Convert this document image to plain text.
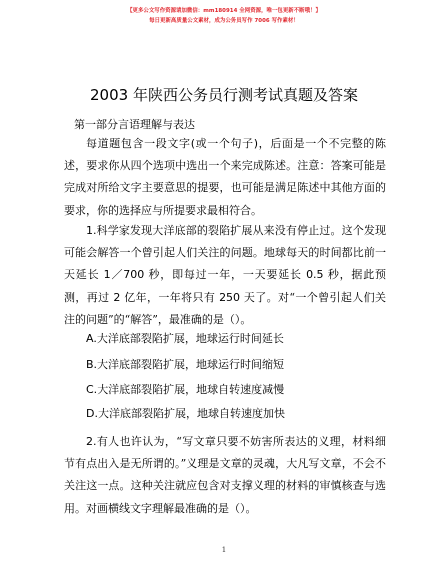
【更多公文写作资源请加微信：mm180914 全网资源，唯一包更新不断哦！】
每日更新高质量公文素材，成为公务员写作 7006 写作素材！
2003 年陕西公务员行测考试真题及答案
第一部分言语理解与表达
每道题包含一段文字(或一个句子)，后面是一个不完整的陈述，要求你从四个选项中选出一个来完成陈述。注意：答案可能是完成对所给文字主要意思的提要，也可能是满足陈述中其他方面的要求，你的选择应与所提要求最相符合。
1.科学家发现大洋底部的裂陷扩展从来没有停止过。这个发现可能会解答一个曾引起人们关注的问题。地球每天的时间都比前一天延长 1／700 秒，即每过一年，一天要延长 0.5 秒，据此预测，再过 2 亿年，一年将只有 250 天了。对“一个曾引起人们关注的问题”的“解答”，最准确的是（）。
A.大洋底部裂陷扩展，地球运行时间延长
B.大洋底部裂陷扩展，地球运行时间缩短
C.大洋底部裂陷扩展，地球自转速度减慢
D.大洋底部裂陷扩展，地球自转速度加快
2.有人也许认为，“写文章只要不妨害所表达的义理，材料细节有点出入是无所谓的。”义理是文章的灵魂，大凡写文章，不会不关注这一点。这种关注就应包含对支撑义理的材料的审慎核查与选用。对画横线文字理解最准确的是（）。
1
